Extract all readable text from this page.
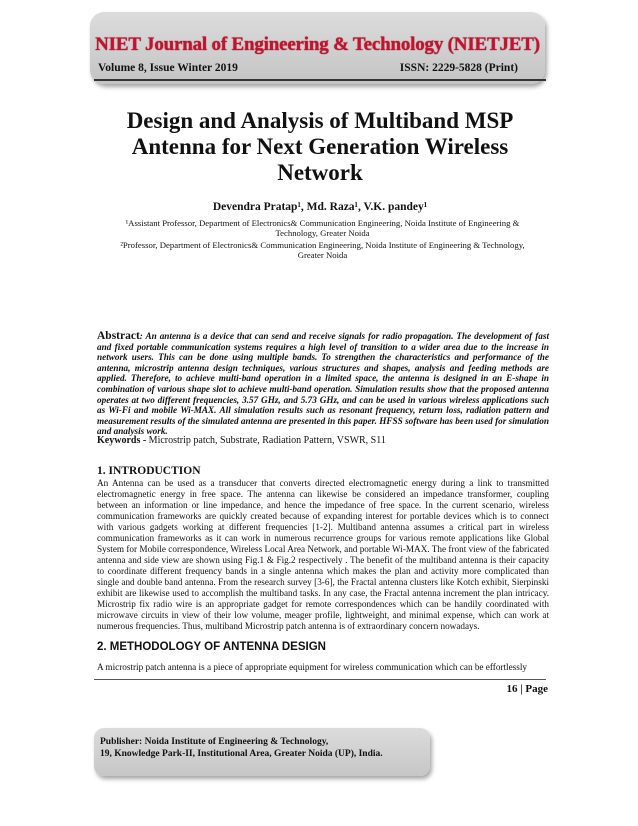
NIET Journal of Engineering & Technology (NIETJET)
Volume 8, Issue Winter 2019	ISSN: 2229-5828 (Print)
Design and Analysis of Multiband MSP Antenna for Next Generation Wireless Network
Devendra Pratap¹, Md. Raza¹, V.K. pandey¹
¹Assistant Professor, Department of Electronics& Communication Engineering, Noida Institute of Engineering & Technology, Greater Noida
²Professor, Department of Electronics& Communication Engineering, Noida Institute of Engineering & Technology, Greater Noida
Abstract: An antenna is a device that can send and receive signals for radio propagation. The development of fast and fixed portable communication systems requires a high level of transition to a wider area due to the increase in network users. This can be done using multiple bands. To strengthen the characteristics and performance of the antenna, microstrip antenna design techniques, various structures and shapes, analysis and feeding methods are applied. Therefore, to achieve multi-band operation in a limited space, the antenna is designed in an E-shape in combination of various shape slot to achieve multi-band operation. Simulation results show that the proposed antenna operates at two different frequencies, 3.57 GHz, and 5.73 GHz, and can be used in various wireless applications such as Wi-Fi and mobile Wi-MAX. All simulation results such as resonant frequency, return loss, radiation pattern and measurement results of the simulated antenna are presented in this paper. HFSS software has been used for simulation and analysis work.
Keywords - Microstrip patch, Substrate, Radiation Pattern, VSWR, S11
1. INTRODUCTION
An Antenna can be used as a transducer that converts directed electromagnetic energy during a link to transmitted electromagnetic energy in free space. The antenna can likewise be considered an impedance transformer, coupling between an information or line impedance, and hence the impedance of free space. In the current scenario, wireless communication frameworks are quickly created because of expanding interest for portable devices which is to connect with various gadgets working at different frequencies [1-2]. Multiband antenna assumes a critical part in wireless communication frameworks as it can work in numerous recurrence groups for various remote applications like Global System for Mobile correspondence, Wireless Local Area Network, and portable Wi-MAX. The front view of the fabricated antenna and side view are shown using Fig.1 & Fig.2 respectively . The benefit of the multiband antenna is their capacity to coordinate different frequency bands in a single antenna which makes the plan and activity more complicated than single and double band antenna. From the research survey [3-6], the Fractal antenna clusters like Kotch exhibit, Sierpinski exhibit are likewise used to accomplish the multiband tasks. In any case, the Fractal antenna increment the plan intricacy. Microstrip fix radio wire is an appropriate gadget for remote correspondences which can be handily coordinated with microwave circuits in view of their low volume, meager profile, lightweight, and minimal expense, which can work at numerous frequencies. Thus, multiband Microstrip patch antenna is of extraordinary concern nowadays.
2. METHODOLOGY OF ANTENNA DESIGN
A microstrip patch antenna is a piece of appropriate equipment for wireless communication which can be effortlessly
16 | Page
Publisher: Noida Institute of Engineering & Technology,
19, Knowledge Park-II, Institutional Area, Greater Noida (UP), India.
